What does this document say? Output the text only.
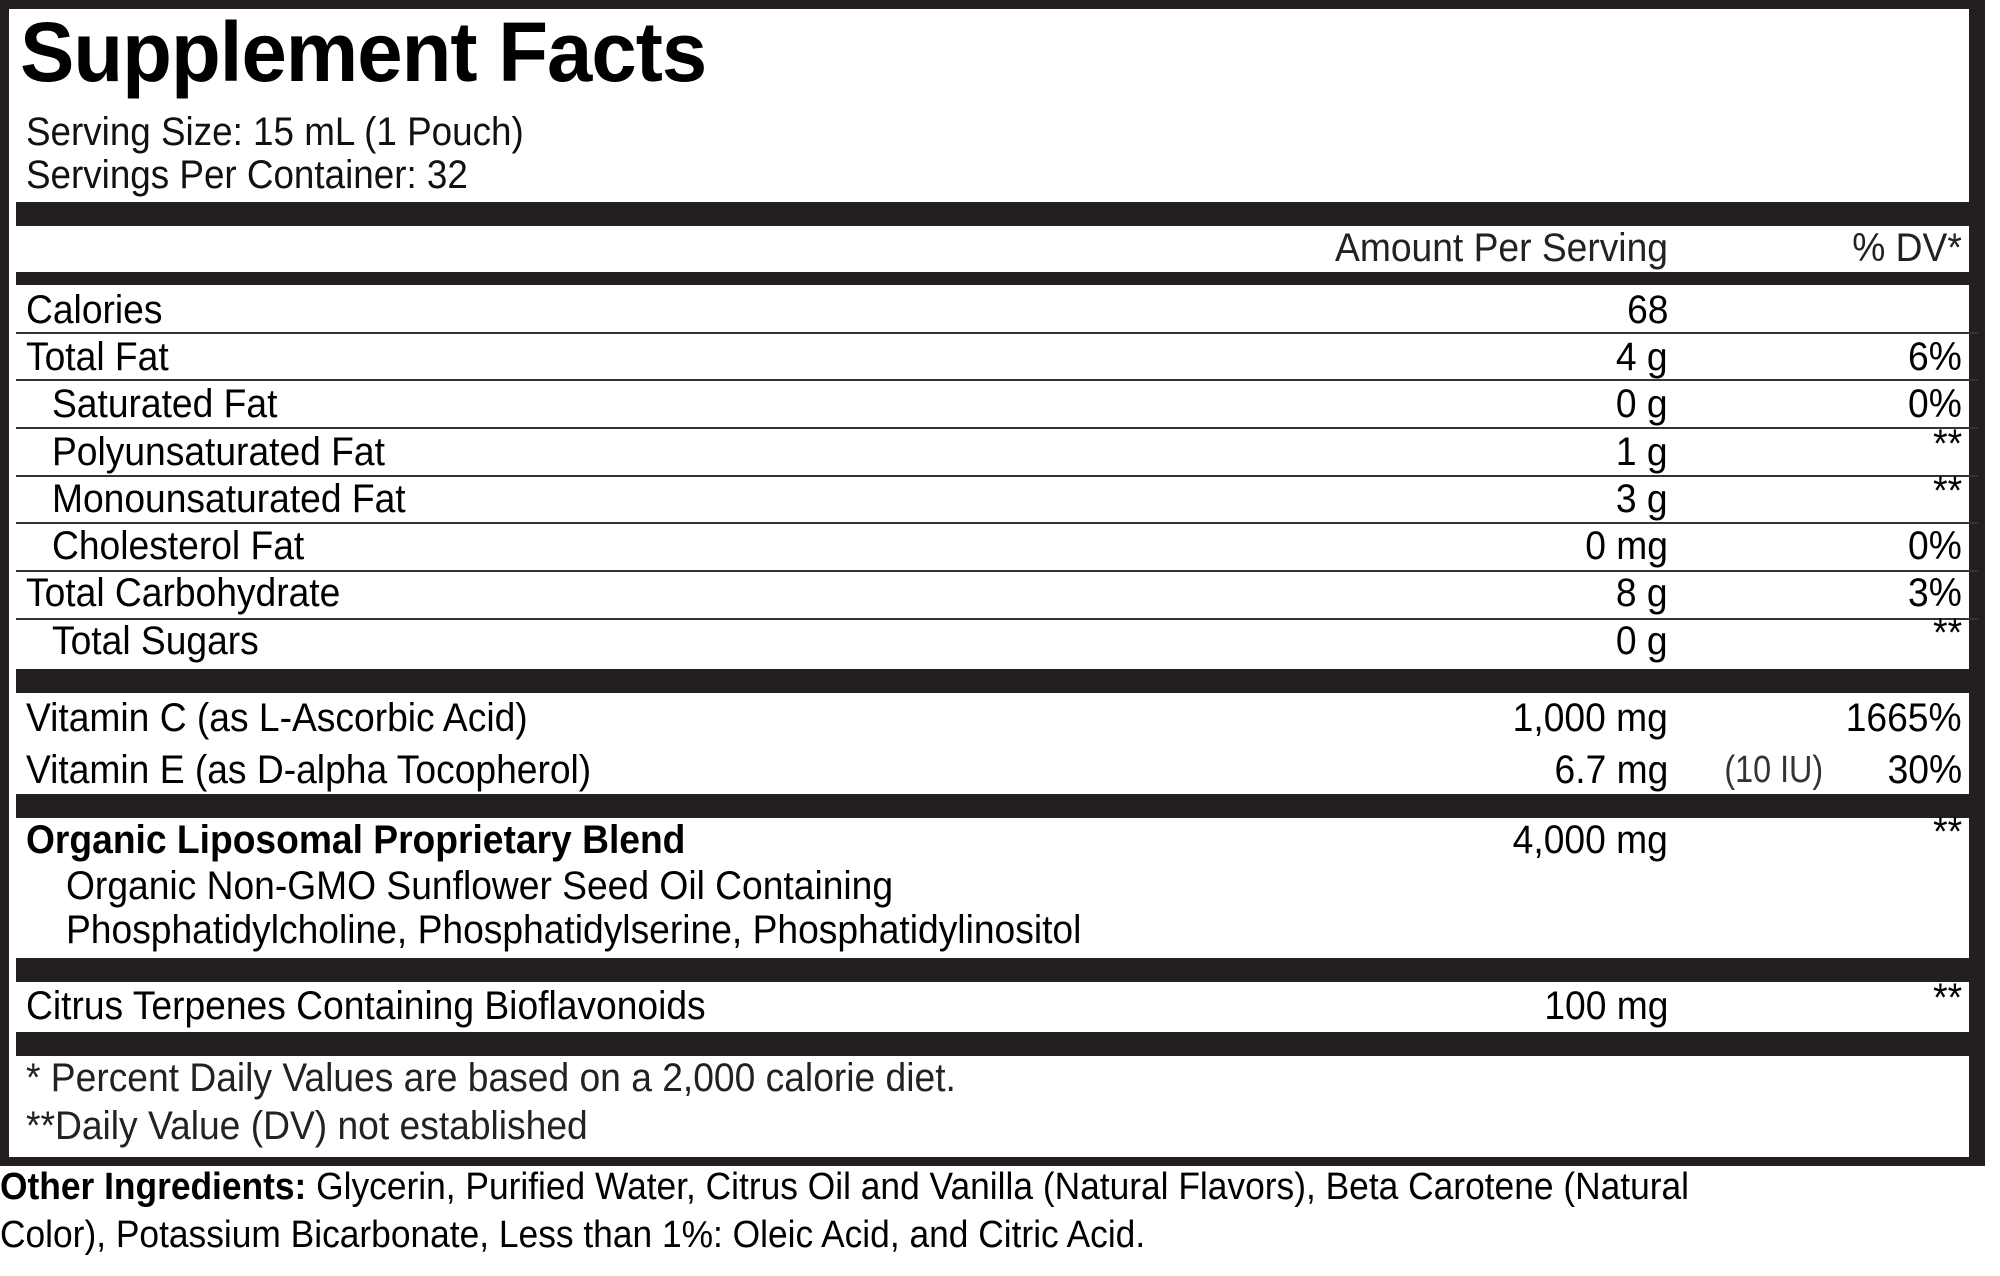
Supplement Facts
Serving Size: 15 mL (1 Pouch)
Servings Per Container: 32
Amount Per Serving	% DV*
Calories	68
Total Fat	4 g	6%
Saturated Fat	0 g	0%
Polyunsaturated Fat	1 g	**
Monounsaturated Fat	3 g	**
Cholesterol Fat	0 mg	0%
Total Carbohydrate	8 g	3%
Total Sugars	0 g	**
Vitamin C (as L-Ascorbic Acid)	1,000 mg	1665%
Vitamin E (as D-alpha Tocopherol)	6.7 mg (10 IU) 30%
Organic Liposomal Proprietary Blend	4,000 mg	**
Organic Non-GMO Sunflower Seed Oil Containing
Phosphatidylcholine, Phosphatidylserine, Phosphatidylinositol
Citrus Terpenes Containing Bioflavonoids	100 mg	**
* Percent Daily Values are based on a 2,000 calorie diet.
**Daily Value (DV) not established
Other Ingredients: Glycerin, Purified Water, Citrus Oil and Vanilla (Natural Flavors), Beta Carotene (Natural
Color), Potassium Bicarbonate, Less than 1%: Oleic Acid, and Citric Acid.
